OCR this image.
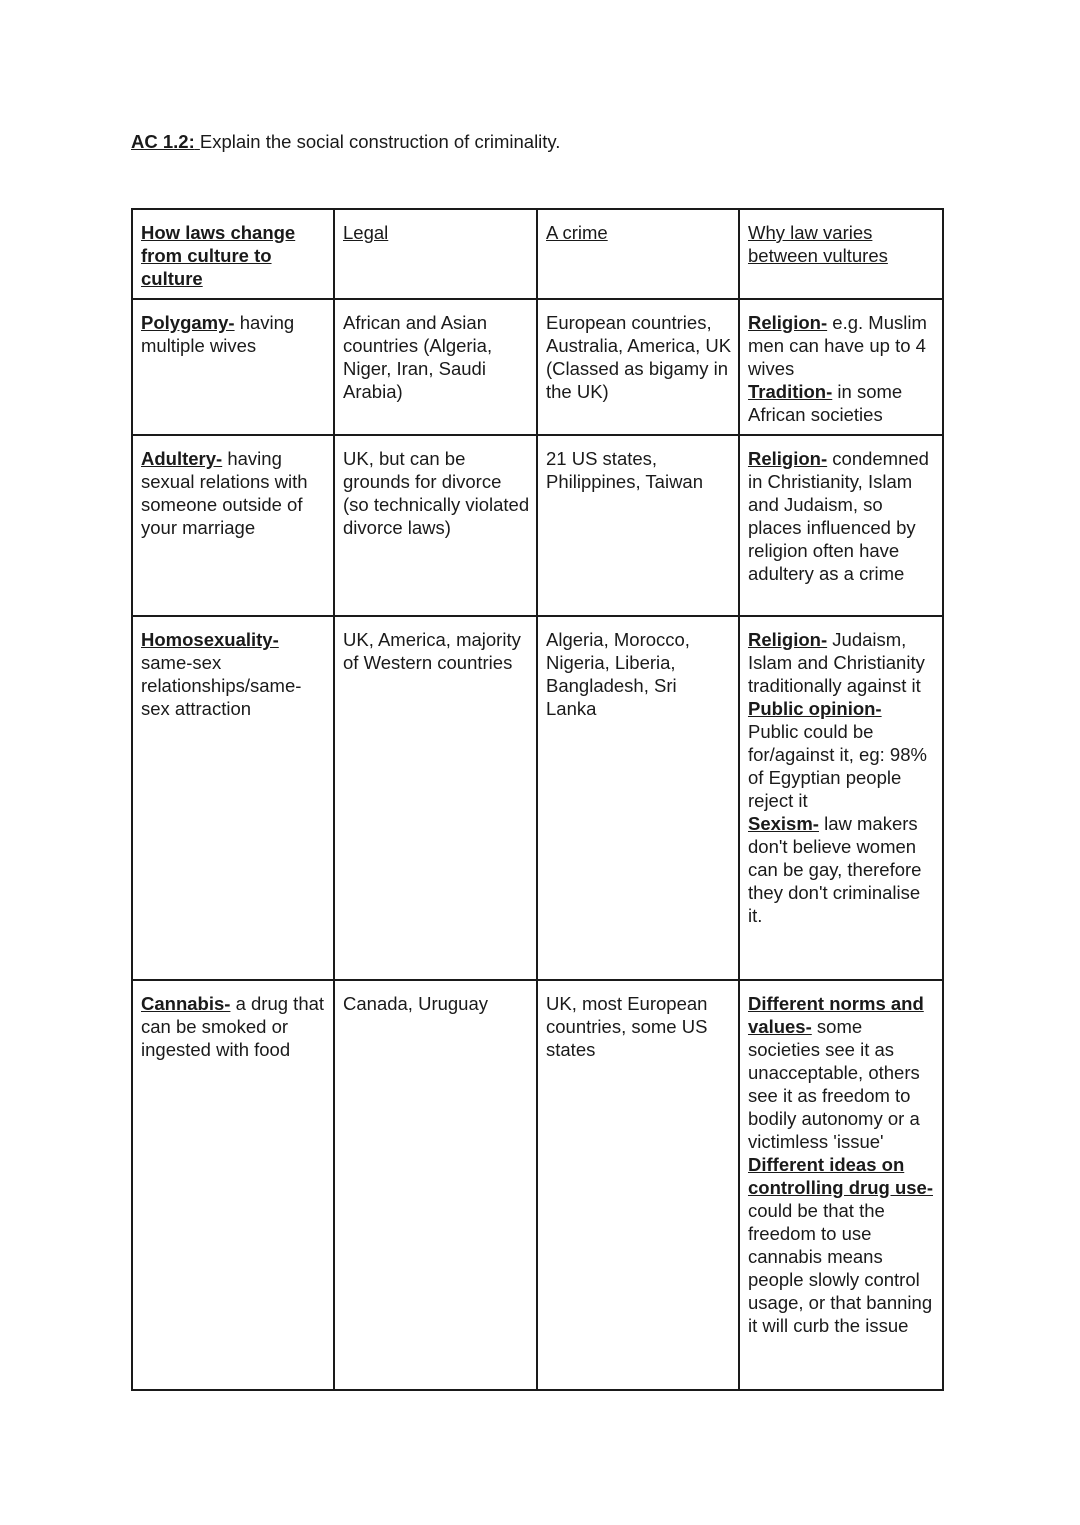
AC 1.2: Explain the social construction of criminality.
How laws change from culture to culture	Legal	A crime	Why law varies between vultures
Polygamy- having multiple wives	African and Asian countries (Algeria, Niger, Iran, Saudi Arabia)	European countries, Australia, America, UK (Classed as bigamy in the UK)	Religion- e.g. Muslim men can have up to 4 wives
Tradition- in some African societies

Adultery- having sexual relations with someone outside of your marriage	UK, but can be grounds for divorce (so technically violated divorce laws)	21 US states, Philippines, Taiwan	Religion- condemned in Christianity, Islam and Judaism, so places influenced by religion often have adultery as a crime

Homosexuality- same-sex relationships/same-sex attraction	UK, America, majority of Western countries	Algeria, Morocco, Nigeria, Liberia, Bangladesh, Sri Lanka	Religion- Judaism, Islam and Christianity traditionally against it
Public opinion- Public could be for/against it, eg: 98% of Egyptian people reject it
Sexism- law makers don't believe women can be gay, therefore they don't criminalise it.

Cannabis- a drug that can be smoked or ingested with food	Canada, Uruguay	UK, most European countries, some US states	Different norms and values- some societies see it as unacceptable, others see it as freedom to bodily autonomy or a victimless 'issue'
Different ideas on controlling drug use- could be that the freedom to use cannabis means people slowly control usage, or that banning it will curb the issue
